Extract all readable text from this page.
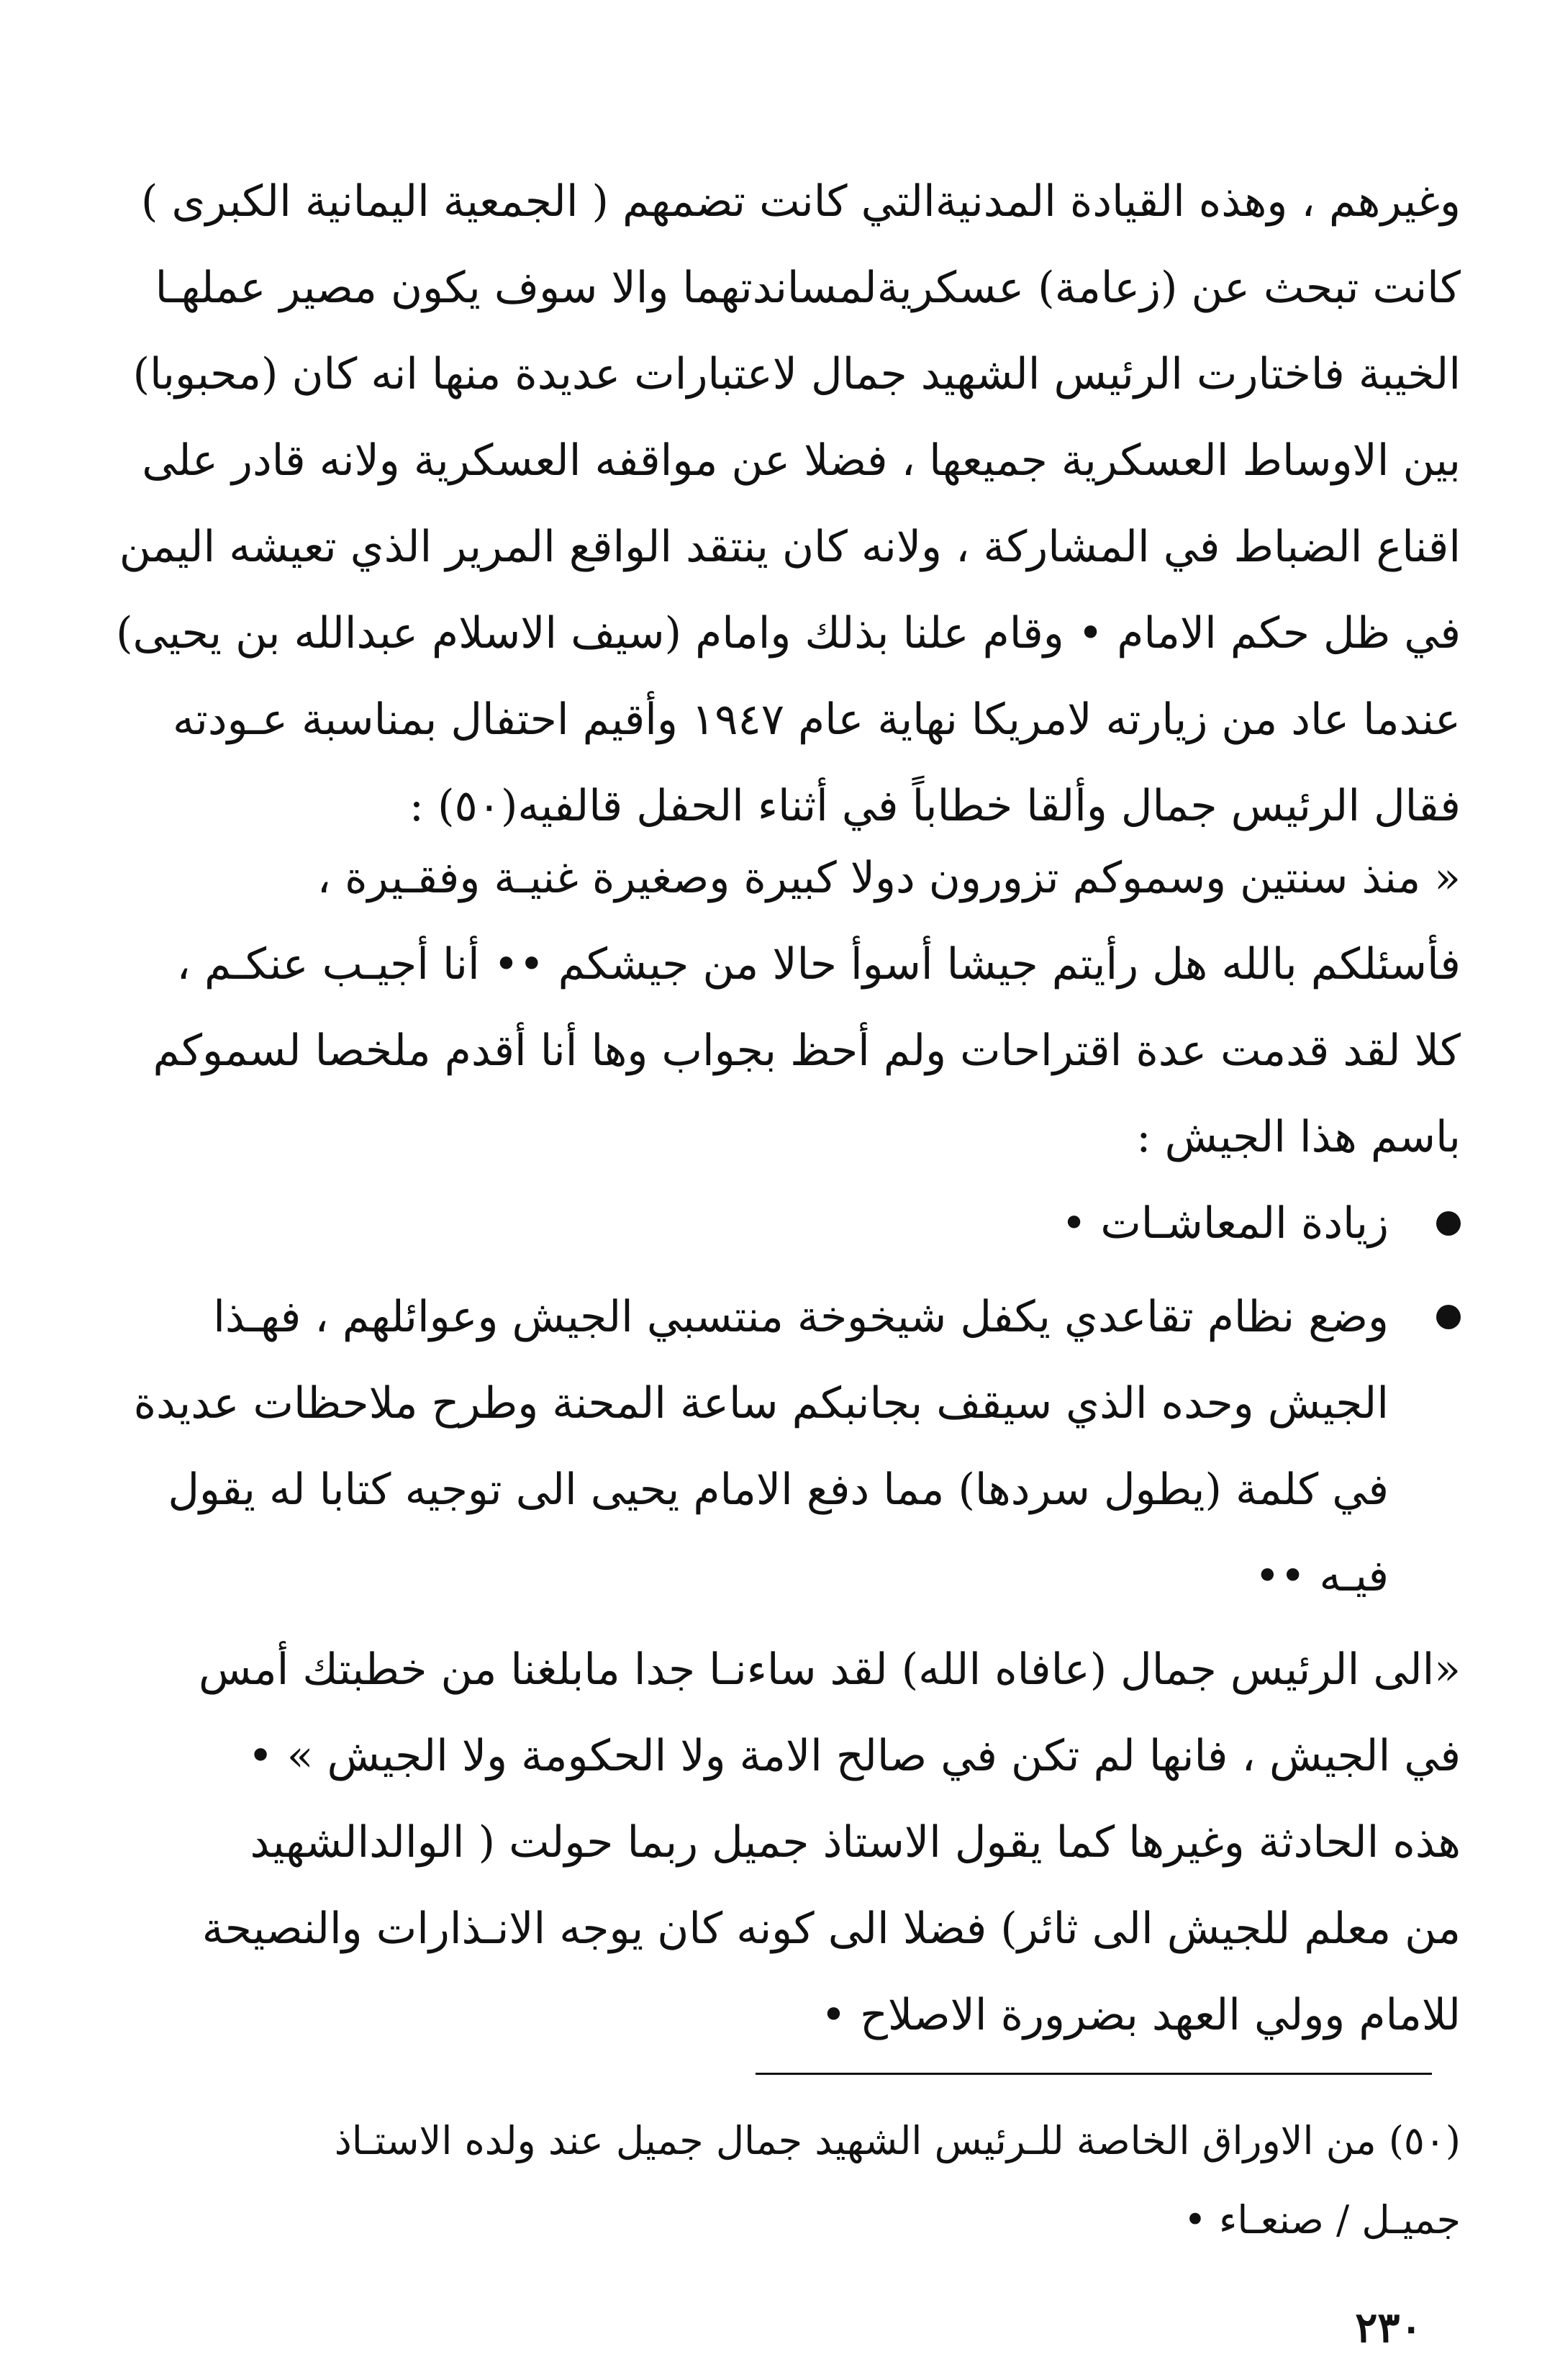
وغيرهم ، وهذه القيادة المدنيةالتي كانت تضمهم ( الجمعية اليمانية الكبرى )
كانت تبحث عن (زعامة) عسكريةلمساندتهما والا سوف يكون مصير عملهـا
الخيبة فاختارت الرئيس الشهيد جمال لاعتبارات عديدة منها انه كان (محبوبا)
بين الاوساط العسكرية جميعها ، فضلا عن مواقفه العسكرية ولانه قادر على
اقناع الضباط في المشاركة ، ولانه كان ينتقد الواقع المرير الذي تعيشه اليمن
في ظل حكم الامام • وقام علنا بذلك وامام (سيف الاسلام عبدالله بن يحيى)
عندما عاد من زيارته لامريكا نهاية عام ١٩٤٧ وأقيم احتفال بمناسبة عـودته
فقال الرئيس جمال وألقا خطاباً في أثناء الحفل قالفيه(٥٠) :
« منذ سنتين وسموكم تزورون دولا كبيرة وصغيرة غنيـة وفقـيرة ،
فأسئلكم بالله هل رأيتم جيشا أسوأ حالا من جيشكم •• أنا أجيـب عنكـم ،
كلا لقد قدمت عدة اقتراحات ولم أحظ بجواب وها أنا أقدم ملخصا لسموكم
باسم هذا الجيش :
زيادة المعاشـات •
وضع نظام تقاعدي يكفل شيخوخة منتسبي الجيش وعوائلهم ، فهـذا
الجيش وحده الذي سيقف بجانبكم ساعة المحنة وطرح ملاحظات عديدة
في كلمة (يطول سردها) مما دفع الامام يحيى الى توجيه كتابا له يقول
فيـه ••
«الى الرئيس جمال (عافاه الله) لقد ساءنـا جدا مابلغنا من خطبتك أمس
في الجيش ، فانها لم تكن في صالح الامة ولا الحكومة ولا الجيش » •
هذه الحادثة وغيرها كما يقول الاستاذ جميل ربما حولت ( الوالدالشهيد
من معلم للجيش الى ثائر) فضلا الى كونه كان يوجه الانـذارات والنصيحة
للامام وولي العهد بضرورة الاصلاح •
(٥٠) من الاوراق الخاصة للـرئيس الشهيد جمال جميل عند ولده الاستـاذ
جميـل / صنعـاء •
٢٣٠
